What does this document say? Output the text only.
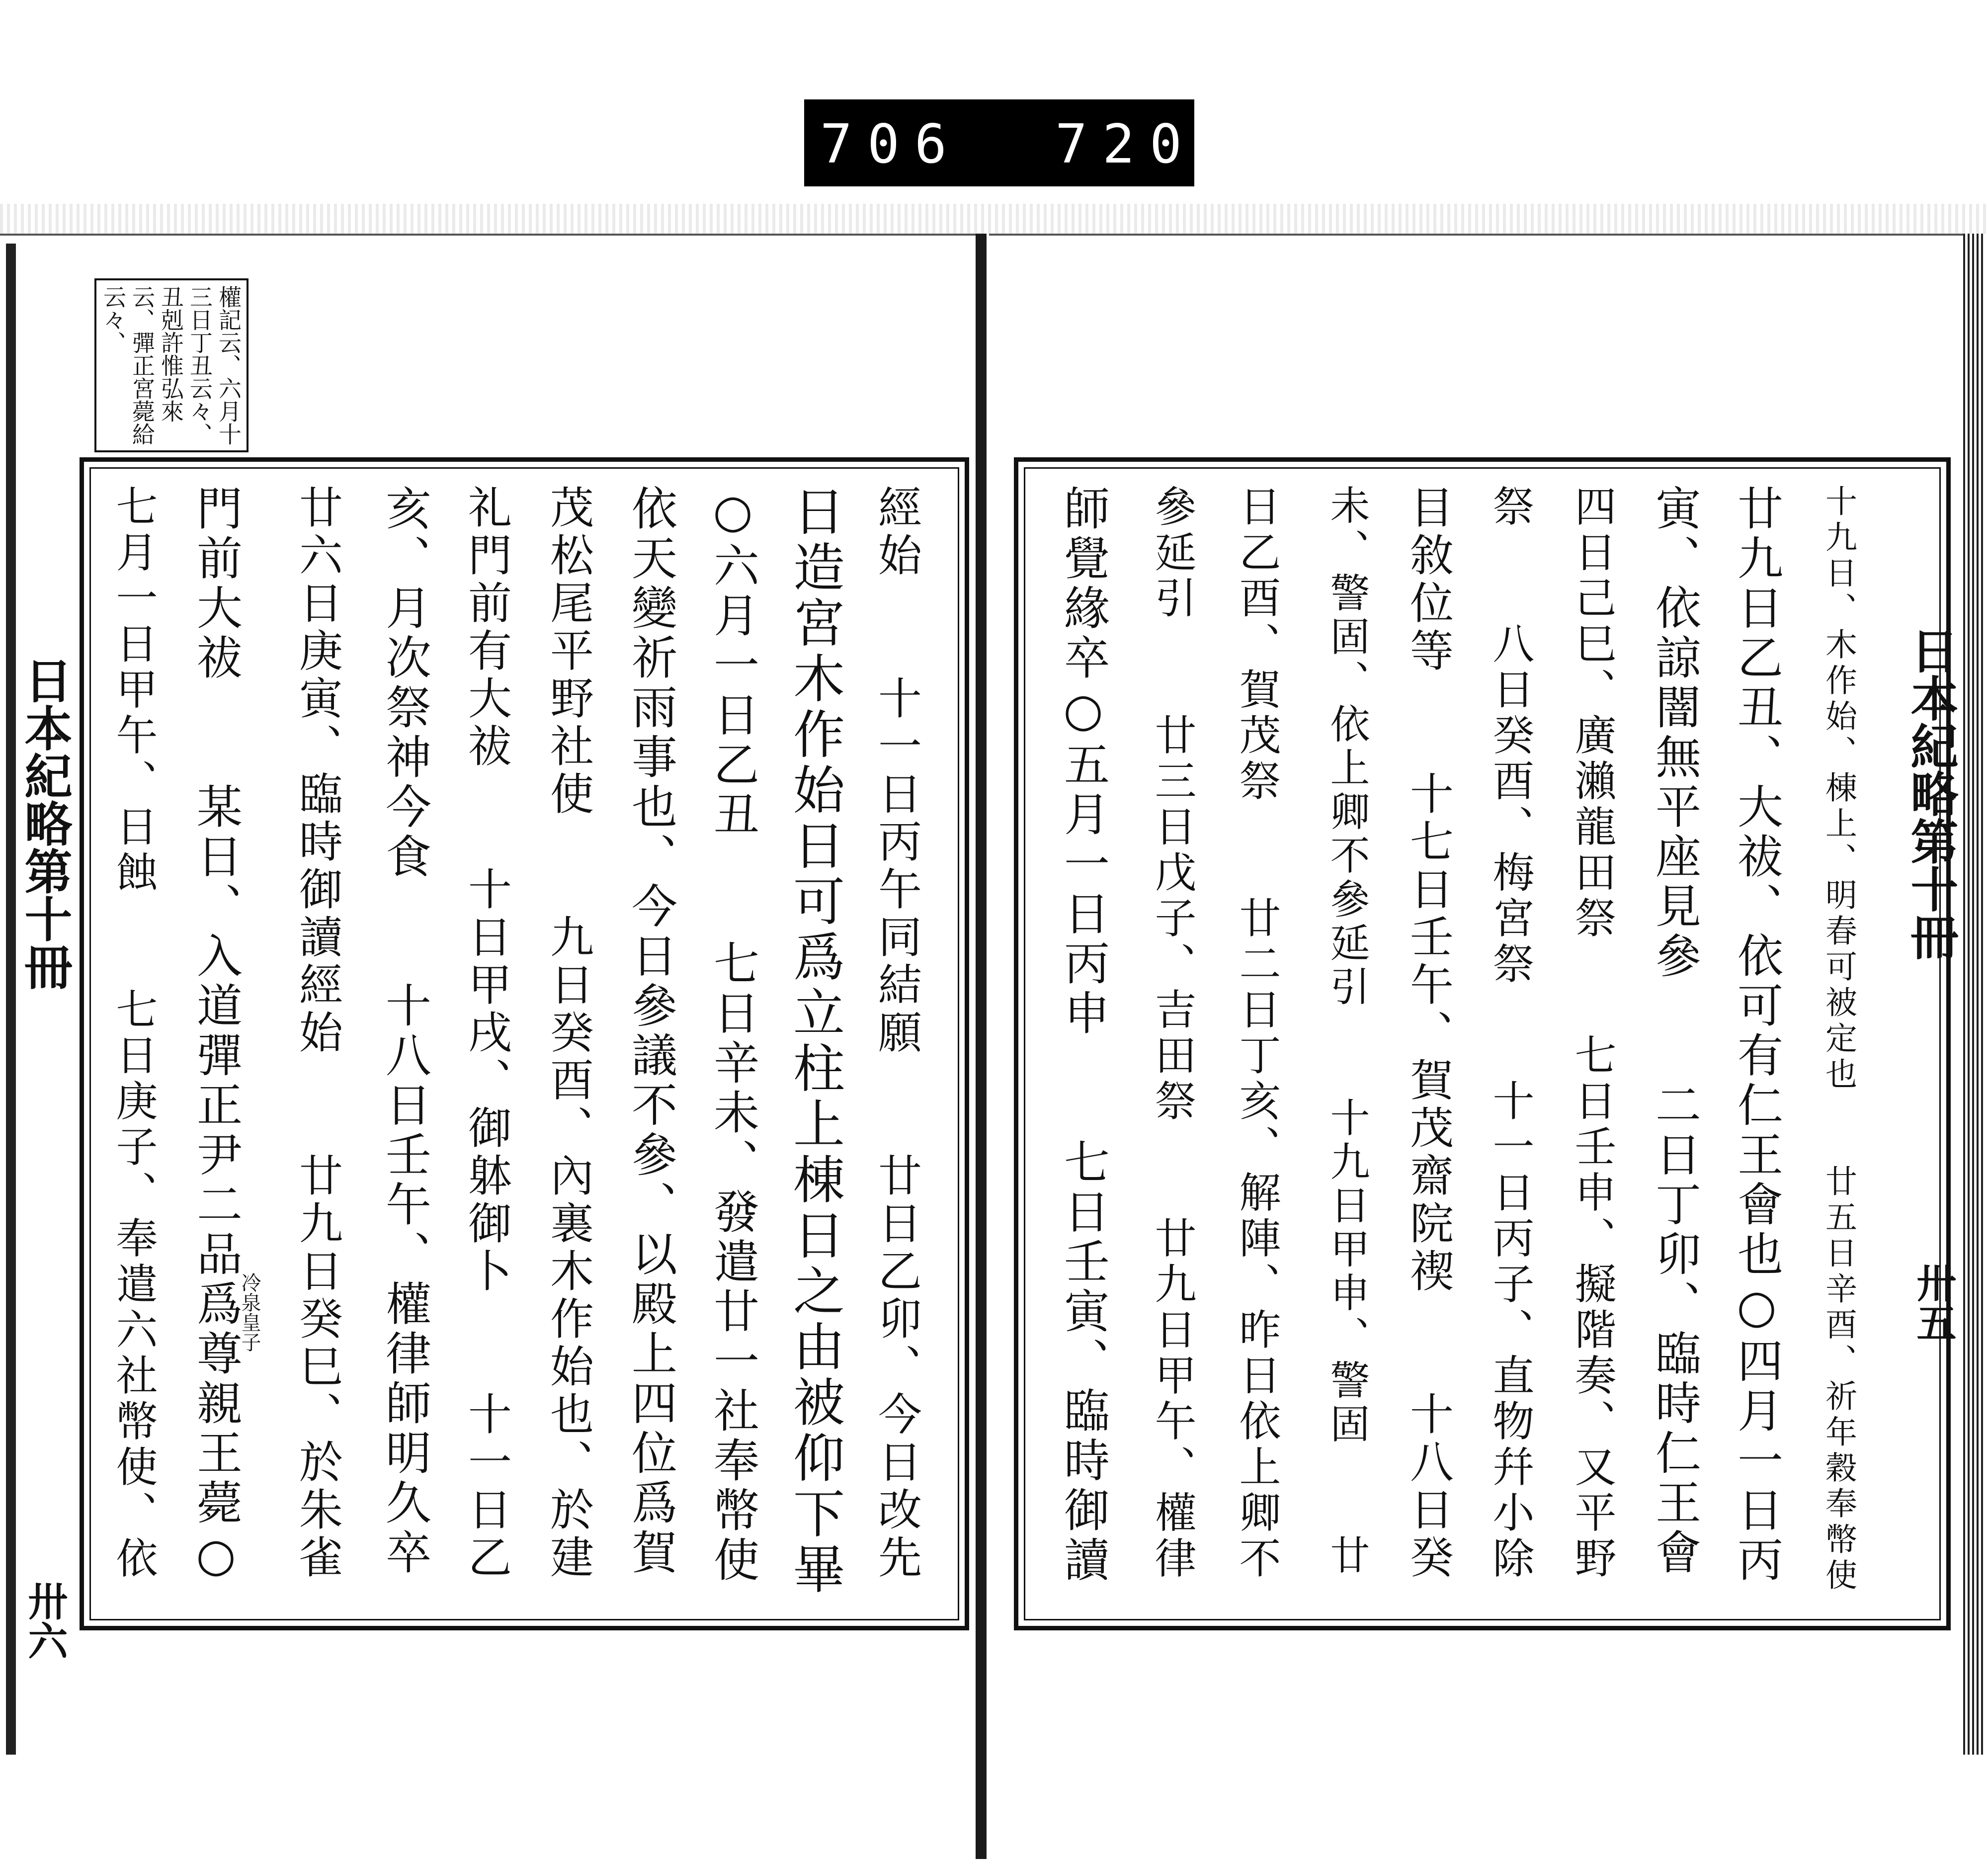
706 720
日本紀略第十冊
卅六
日本紀略第十冊
卅五
權記云、六月十
三日丁丑云々、
丑剋許惟弘來
云、彈正宮薨給
云々、
經始　　十一日丙午同結願　　廿日乙卯、今日改先
日造宮木作始日可爲立柱上棟日之由被仰下畢
○六月一日乙丑　　七日辛未、發遣廿一社奉幣使
依天變祈雨事也、今日參議不參、以殿上四位爲賀
茂松尾平野社使　　九日癸酉、內裏木作始也、於建
礼門前有大祓　　十日甲戌、御躰御卜　　十一日乙
亥、月次祭神今食　　十八日壬午、權律師明久卒
廿六日庚寅、臨時御讀經始　　廿九日癸巳、於朱雀
門前大祓　　某日、入道彈正尹二品爲尊親王薨○
七月一日甲午、日蝕　　七日庚子、奉遣六社幣使、依	冷泉皇子	十九日、木作始、棟上、明春可被定也　　廿五日辛酉、祈年穀奉幣使
廿九日乙丑、大祓、依可有仁王會也○四月一日丙
寅、依諒闇無平座見參　　二日丁卯、臨時仁王會
四日己巳、廣瀨龍田祭　　七日壬申、擬階奏、又平野
祭　　八日癸酉、梅宮祭　　十一日丙子、直物幷小除
目敘位等　　十七日壬午、賀茂齋院禊　　十八日癸
未、警固、依上卿不參延引　　十九日甲申、警固　　廿
日乙酉、賀茂祭　　廿二日丁亥、解陣、昨日依上卿不
參延引　　廿三日戊子、吉田祭　　廿九日甲午、權律
師覺緣卒○五月一日丙申　　七日壬寅、臨時御讀
